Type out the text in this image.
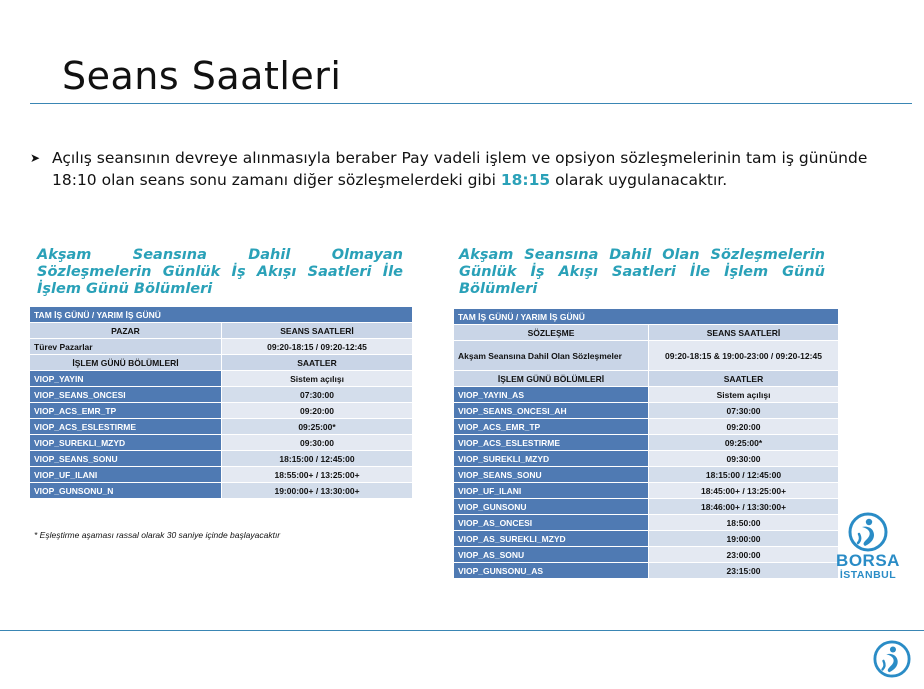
Seans Saatleri
➤ Açılış seansının devreye alınmasıyla beraber Pay vadeli işlem ve opsiyon sözleşmelerinin tam iş gününde 18:10 olan seans sonu zamanı diğer sözleşmelerdeki gibi 18:15 olarak uygulanacaktır.
Akşam Seansına Dahil Olmayan Sözleşmelerin Günlük İş Akışı Saatleri İle İşlem Günü Bölümleri
Akşam Seansına Dahil Olan Sözleşmelerin Günlük İş Akışı Saatleri İle İşlem Günü Bölümleri
TAM İŞ GÜNÜ / YARIM İŞ GÜNÜ	
PAZAR	SEANS SAATLERİ
Türev Pazarlar	09:20-18:15 / 09:20-12:45
İŞLEM GÜNÜ BÖLÜMLERİ	SAATLER
VIOP_YAYIN	Sistem açılışı
VIOP_SEANS_ONCESI	07:30:00
VIOP_ACS_EMR_TP	09:20:00
VIOP_ACS_ESLESTIRME	09:25:00*
VIOP_SUREKLI_MZYD	09:30:00
VIOP_SEANS_SONU	18:15:00 / 12:45:00
VIOP_UF_ILANI	18:55:00+ / 13:25:00+
VIOP_GUNSONU_N	19:00:00+ / 13:30:00+
TAM İŞ GÜNÜ / YARIM İŞ GÜNÜ	
SÖZLEŞME	SEANS SAATLERİ
Akşam Seansına Dahil Olan Sözleşmeler	09:20-18:15 & 19:00-23:00 / 09:20-12:45
İŞLEM GÜNÜ BÖLÜMLERİ	SAATLER
VIOP_YAYIN_AS	Sistem açılışı
VIOP_SEANS_ONCESI_AH	07:30:00
VIOP_ACS_EMR_TP	09:20:00
VIOP_ACS_ESLESTIRME	09:25:00*
VIOP_SUREKLI_MZYD	09:30:00
VIOP_SEANS_SONU	18:15:00 / 12:45:00
VIOP_UF_ILANI	18:45:00+ / 13:25:00+
VIOP_GUNSONU	18:46:00+ / 13:30:00+
VIOP_AS_ONCESI	18:50:00
VIOP_AS_SUREKLI_MZYD	19:00:00
VIOP_AS_SONU	23:00:00
VIOP_GUNSONU_AS	23:15:00
* Eşleştirme aşaması rassal olarak 30 saniye içinde başlayacaktır
BORSA
İSTANBUL
